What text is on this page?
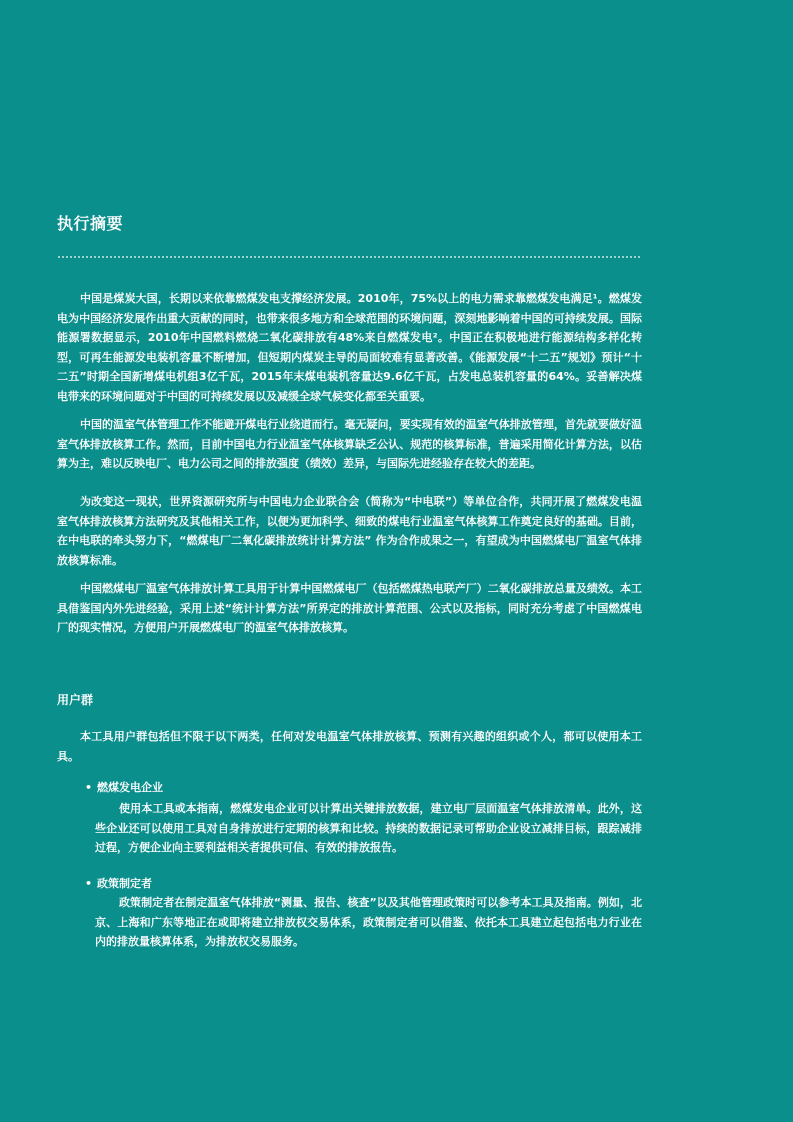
执行摘要

中国是煤炭大国，长期以来依靠燃煤发电支撑经济发展。2010年，75%以上的电力需求靠燃煤发电满足¹。燃煤发电为中国经济发展作出重大贡献的同时，也带来很多地方和全球范围的环境问题，深刻地影响着中国的可持续发展。国际能源署数据显示，2010年中国燃料燃烧二氧化碳排放有48%来自燃煤发电²。中国正在积极地进行能源结构多样化转型，可再生能源发电装机容量不断增加，但短期内煤炭主导的局面较难有显著改善。《能源发展“十二五”规划》预计“十二五”时期全国新增煤电机组3亿千瓦，2015年末煤电装机容量达9.6亿千瓦，占发电总装机容量的64%。妥善解决煤电带来的环境问题对于中国的可持续发展以及减缓全球气候变化都至关重要。

中国的温室气体管理工作不能避开煤电行业绕道而行。毫无疑问，要实现有效的温室气体排放管理，首先就要做好温室气体排放核算工作。然而，目前中国电力行业温室气体核算缺乏公认、规范的核算标准，普遍采用简化计算方法，以估算为主，难以反映电厂、电力公司之间的排放强度（绩效）差异，与国际先进经验存在较大的差距。

为改变这一现状，世界资源研究所与中国电力企业联合会（简称为“中电联”）等单位合作，共同开展了燃煤发电温室气体排放核算方法研究及其他相关工作，以便为更加科学、细致的煤电行业温室气体核算工作奠定良好的基础。目前，在中电联的牵头努力下，“燃煤电厂二氧化碳排放统计计算方法” 作为合作成果之一，有望成为中国燃煤电厂温室气体排放核算标准。

中国燃煤电厂温室气体排放计算工具用于计算中国燃煤电厂（包括燃煤热电联产厂）二氧化碳排放总量及绩效。本工具借鉴国内外先进经验，采用上述“统计计算方法”所界定的排放计算范围、公式以及指标，同时充分考虑了中国燃煤电厂的现实情况，方便用户开展燃煤电厂的温室气体排放核算。

用户群

本工具用户群包括但不限于以下两类，任何对发电温室气体排放核算、预测有兴趣的组织或个人，都可以使用本工具。

• 燃煤发电企业

使用本工具或本指南，燃煤发电企业可以计算出关键排放数据，建立电厂层面温室气体排放清单。此外，这些企业还可以使用工具对自身排放进行定期的核算和比较。持续的数据记录可帮助企业设立减排目标，跟踪减排过程，方便企业向主要利益相关者提供可信、有效的排放报告。

• 政策制定者

政策制定者在制定温室气体排放“测量、报告、核查”以及其他管理政策时可以参考本工具及指南。例如，北京、上海和广东等地正在或即将建立排放权交易体系，政策制定者可以借鉴、依托本工具建立起包括电力行业在内的排放量核算体系，为排放权交易服务。
